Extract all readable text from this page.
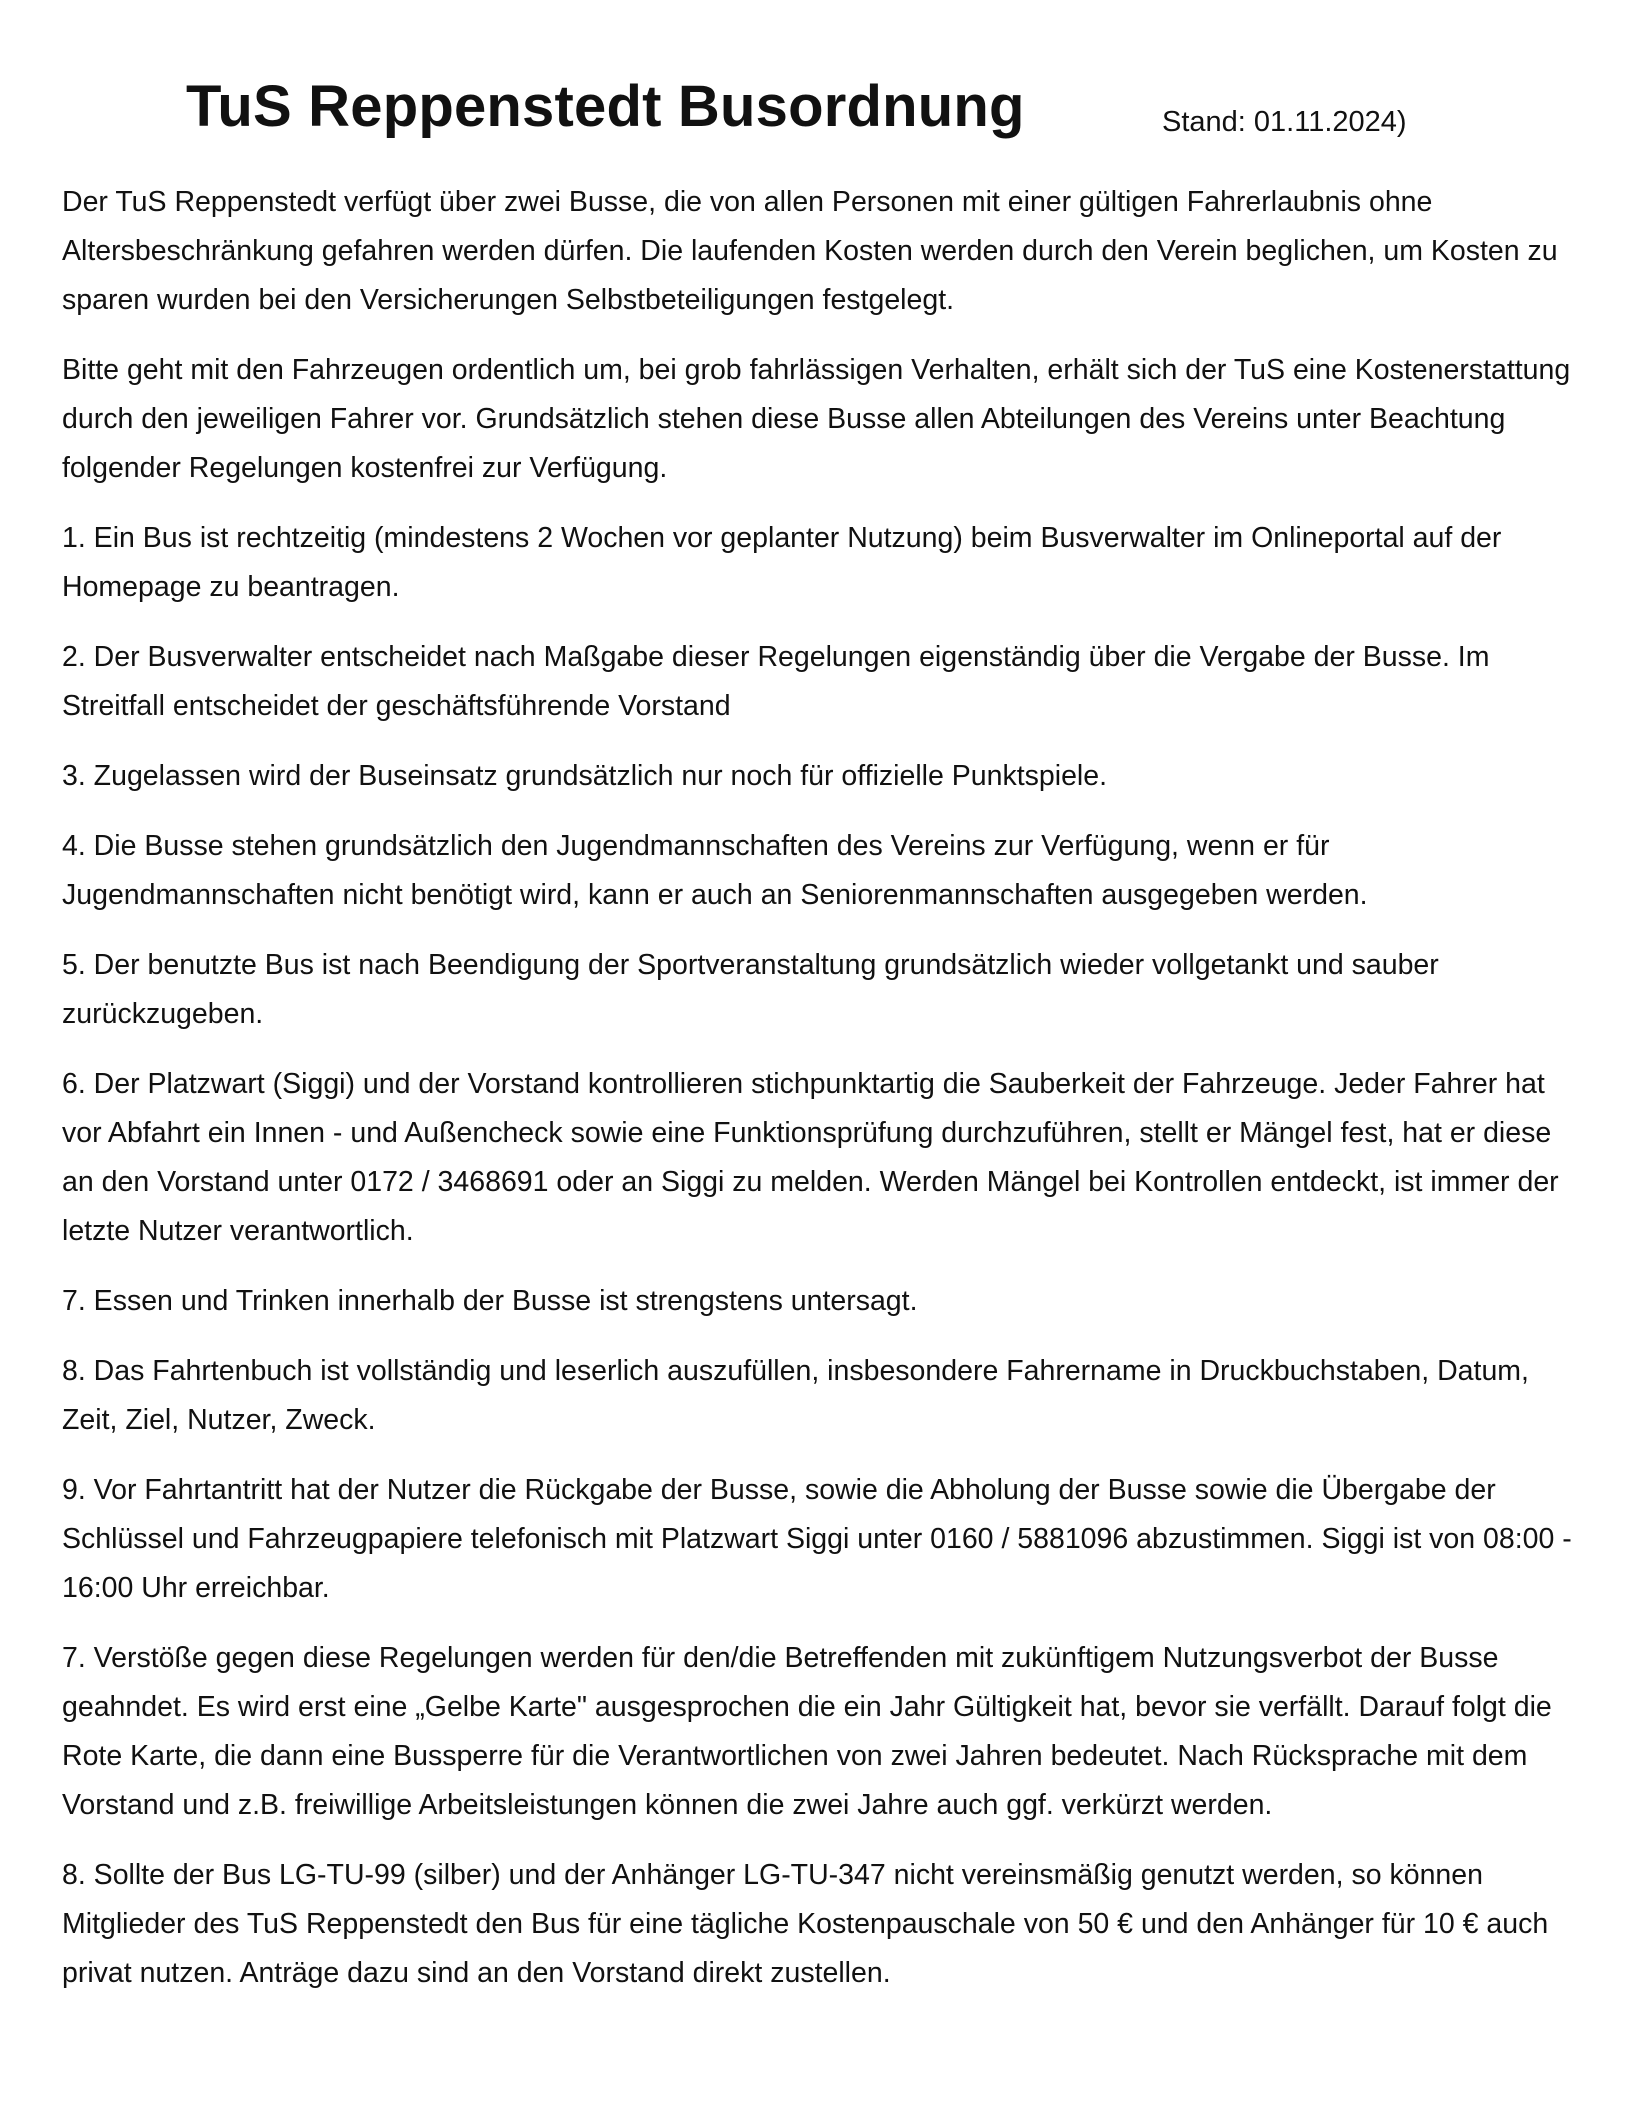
TuS Reppenstedt Busordnung	Stand: 01.11.2024)

Der TuS Reppenstedt verfügt über zwei Busse, die von allen Personen mit einer gültigen Fahrerlaubnis ohne Altersbeschränkung gefahren werden dürfen. Die laufenden Kosten werden durch den Verein beglichen, um Kosten zu sparen wurden bei den Versicherungen Selbstbeteiligungen festgelegt.

Bitte geht mit den Fahrzeugen ordentlich um, bei grob fahrlässigen Verhalten, erhält sich der TuS eine Kostenerstattung durch den jeweiligen Fahrer vor. Grundsätzlich stehen diese Busse allen Abteilungen des Vereins unter Beachtung folgender Regelungen kostenfrei zur Verfügung.

1. Ein Bus ist rechtzeitig (mindestens 2 Wochen vor geplanter Nutzung) beim Busverwalter im Onlineportal auf der Homepage zu beantragen.

2. Der Busverwalter entscheidet nach Maßgabe dieser Regelungen eigenständig über die Vergabe der Busse. Im Streitfall entscheidet der geschäftsführende Vorstand

3. Zugelassen wird der Buseinsatz grundsätzlich nur noch für offizielle Punktspiele.

4. Die Busse stehen grundsätzlich den Jugendmannschaften des Vereins zur Verfügung, wenn er für Jugendmannschaften nicht benötigt wird, kann er auch an Seniorenmannschaften ausgegeben werden.

5. Der benutzte Bus ist nach Beendigung der Sportveranstaltung grundsätzlich wieder vollgetankt und sauber zurückzugeben.

6. Der Platzwart (Siggi) und der Vorstand kontrollieren stichpunktartig die Sauberkeit der Fahrzeuge. Jeder Fahrer hat vor Abfahrt ein Innen - und Außencheck sowie eine Funktionsprüfung durchzuführen, stellt er Mängel fest, hat er diese an den Vorstand unter 0172 / 3468691 oder an Siggi zu melden. Werden Mängel bei Kontrollen entdeckt, ist immer der letzte Nutzer verantwortlich.

7. Essen und Trinken innerhalb der Busse ist strengstens untersagt.

8. Das Fahrtenbuch ist vollständig und leserlich auszufüllen, insbesondere Fahrername in Druckbuchstaben, Datum, Zeit, Ziel, Nutzer, Zweck.

9. Vor Fahrtantritt hat der Nutzer die Rückgabe der Busse, sowie die Abholung der Busse sowie die Übergabe der Schlüssel und Fahrzeugpapiere telefonisch mit Platzwart Siggi unter 0160 / 5881096 abzustimmen. Siggi ist von 08:00 - 16:00 Uhr erreichbar.

7. Verstöße gegen diese Regelungen werden für den/die Betreffenden mit zukünftigem Nutzungsverbot der Busse geahndet. Es wird erst eine „Gelbe Karte" ausgesprochen die ein Jahr Gültigkeit hat, bevor sie verfällt. Darauf folgt die Rote Karte, die dann eine Bussperre für die Verantwortlichen von zwei Jahren bedeutet. Nach Rücksprache mit dem Vorstand und z.B. freiwillige Arbeitsleistungen können die zwei Jahre auch ggf. verkürzt werden.

8. Sollte der Bus LG-TU-99 (silber) und der Anhänger LG-TU-347 nicht vereinsmäßig genutzt werden, so können Mitglieder des TuS Reppenstedt den Bus für eine tägliche Kostenpauschale von 50 € und den Anhänger für 10 € auch privat nutzen. Anträge dazu sind an den Vorstand direkt zustellen.
